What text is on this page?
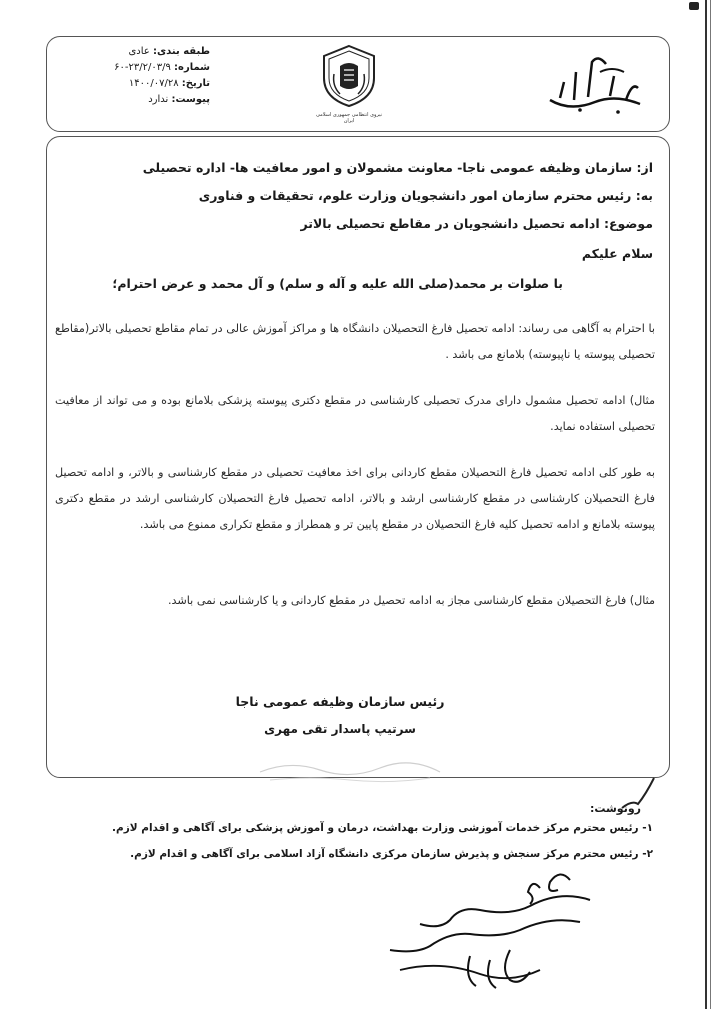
طبقه بندی: عادی
شماره: ۲۳/۲/۰۳/۹-۶۰
تاریخ: ۱۴۰۰/۰۷/۲۸
پیوست: ندارد
نیروی انتظامی جمهوری اسلامی ایران
از: سازمان وظیفه عمومی ناجا- معاونت مشمولان و امور معافیت ها- اداره تحصیلی
به: رئیس محترم سازمان امور دانشجویان وزارت علوم، تحقیقات و فناوری
موضوع: ادامه تحصیل دانشجویان در مقاطع تحصیلی بالاتر
سلام علیکم
با صلوات بر محمد(صلی الله علیه و آله و سلم) و آل محمد و عرض احترام؛
با احترام به آگاهی می رساند: ادامه تحصیل فارغ التحصیلان دانشگاه ها و مراکز آموزش عالی در تمام مقاطع تحصیلی بالاتر(مقاطع تحصیلی پیوسته یا ناپیوسته) بلامانع می باشد .
مثال) ادامه تحصیل مشمول دارای مدرک تحصیلی کارشناسی در مقطع دکتری پیوسته پزشکی بلامانع بوده و می تواند از معافیت تحصیلی استفاده نماید.
به طور کلی ادامه تحصیل فارغ التحصیلان مقطع کاردانی برای اخذ معافیت تحصیلی در مقطع کارشناسی و بالاتر، و ادامه تحصیل فارغ التحصیلان کارشناسی در مقطع کارشناسی ارشد و بالاتر، ادامه تحصیل فارغ التحصیلان کارشناسی ارشد در مقطع دکتری پیوسته بلامانع و ادامه تحصیل کلیه فارغ التحصیلان در مقطع پایین تر و همطراز و مقطع تکراری ممنوع می باشد.
مثال) فارغ التحصیلان مقطع کارشناسی مجاز به ادامه تحصیل در مقطع کاردانی و یا کارشناسی نمی باشد.
رئیس سازمان وظیفه عمومی ناجا
سرتیپ پاسدار تقی مهری
رونوشت:
۱- رئیس محترم مرکز خدمات آموزشی وزارت بهداشت، درمان و آموزش پزشکی برای آگاهی و اقدام لازم.
۲- رئیس محترم مرکز سنجش و پذیرش سازمان مرکزی دانشگاه آزاد اسلامی برای آگاهی و اقدام لازم.
